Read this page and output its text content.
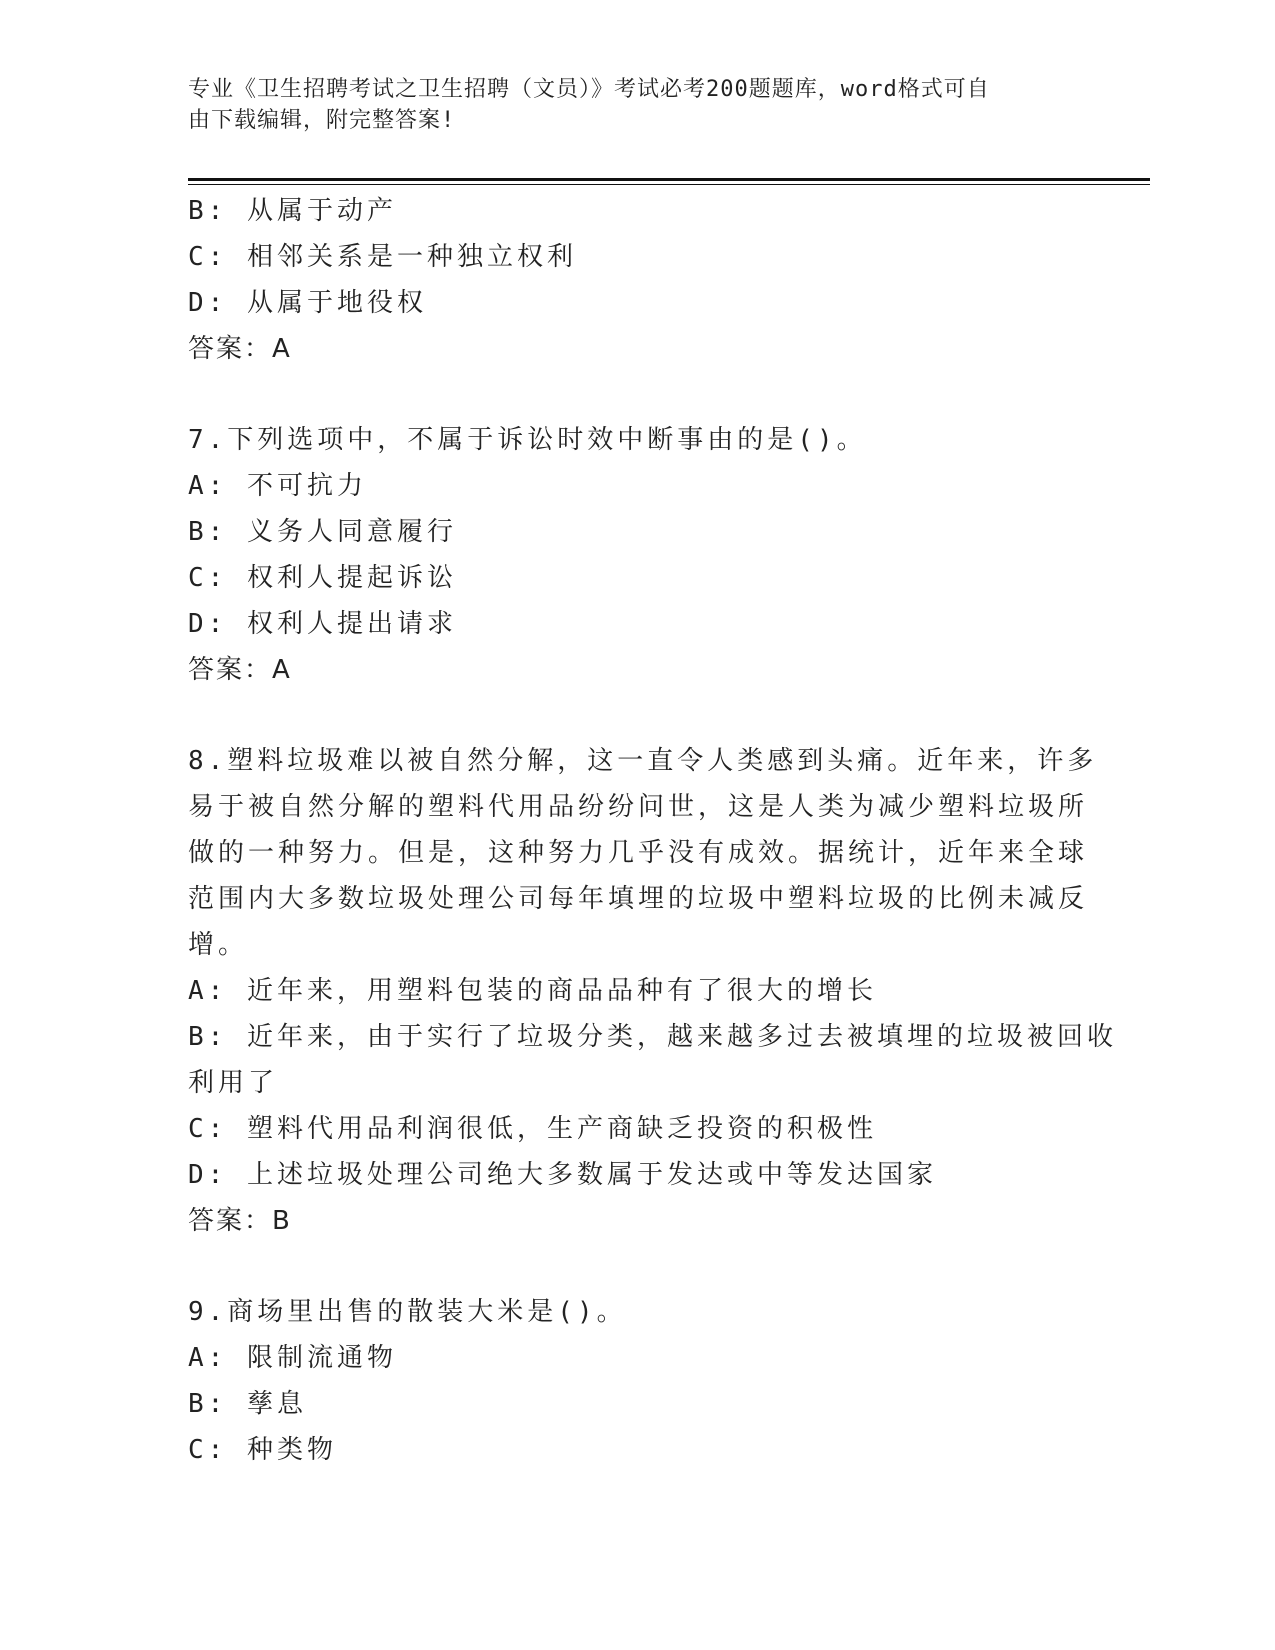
专业《卫生招聘考试之卫生招聘（文员）》考试必考200题题库，word格式可自
由下载编辑，附完整答案!
B: 从属于动产
C: 相邻关系是一种独立权利
D: 从属于地役权
答案：A
7.下列选项中，不属于诉讼时效中断事由的是()。
A: 不可抗力
B: 义务人同意履行
C: 权利人提起诉讼
D: 权利人提出请求
答案：A
8.塑料垃圾难以被自然分解，这一直令人类感到头痛。近年来，许多
易于被自然分解的塑料代用品纷纷问世，这是人类为减少塑料垃圾所
做的一种努力。但是，这种努力几乎没有成效。据统计，近年来全球
范围内大多数垃圾处理公司每年填埋的垃圾中塑料垃圾的比例未减反
增。
A: 近年来，用塑料包装的商品品种有了很大的增长
B: 近年来，由于实行了垃圾分类，越来越多过去被填埋的垃圾被回收
利用了
C: 塑料代用品利润很低，生产商缺乏投资的积极性
D: 上述垃圾处理公司绝大多数属于发达或中等发达国家
答案：B
9.商场里出售的散装大米是()。
A: 限制流通物
B: 孳息
C: 种类物
